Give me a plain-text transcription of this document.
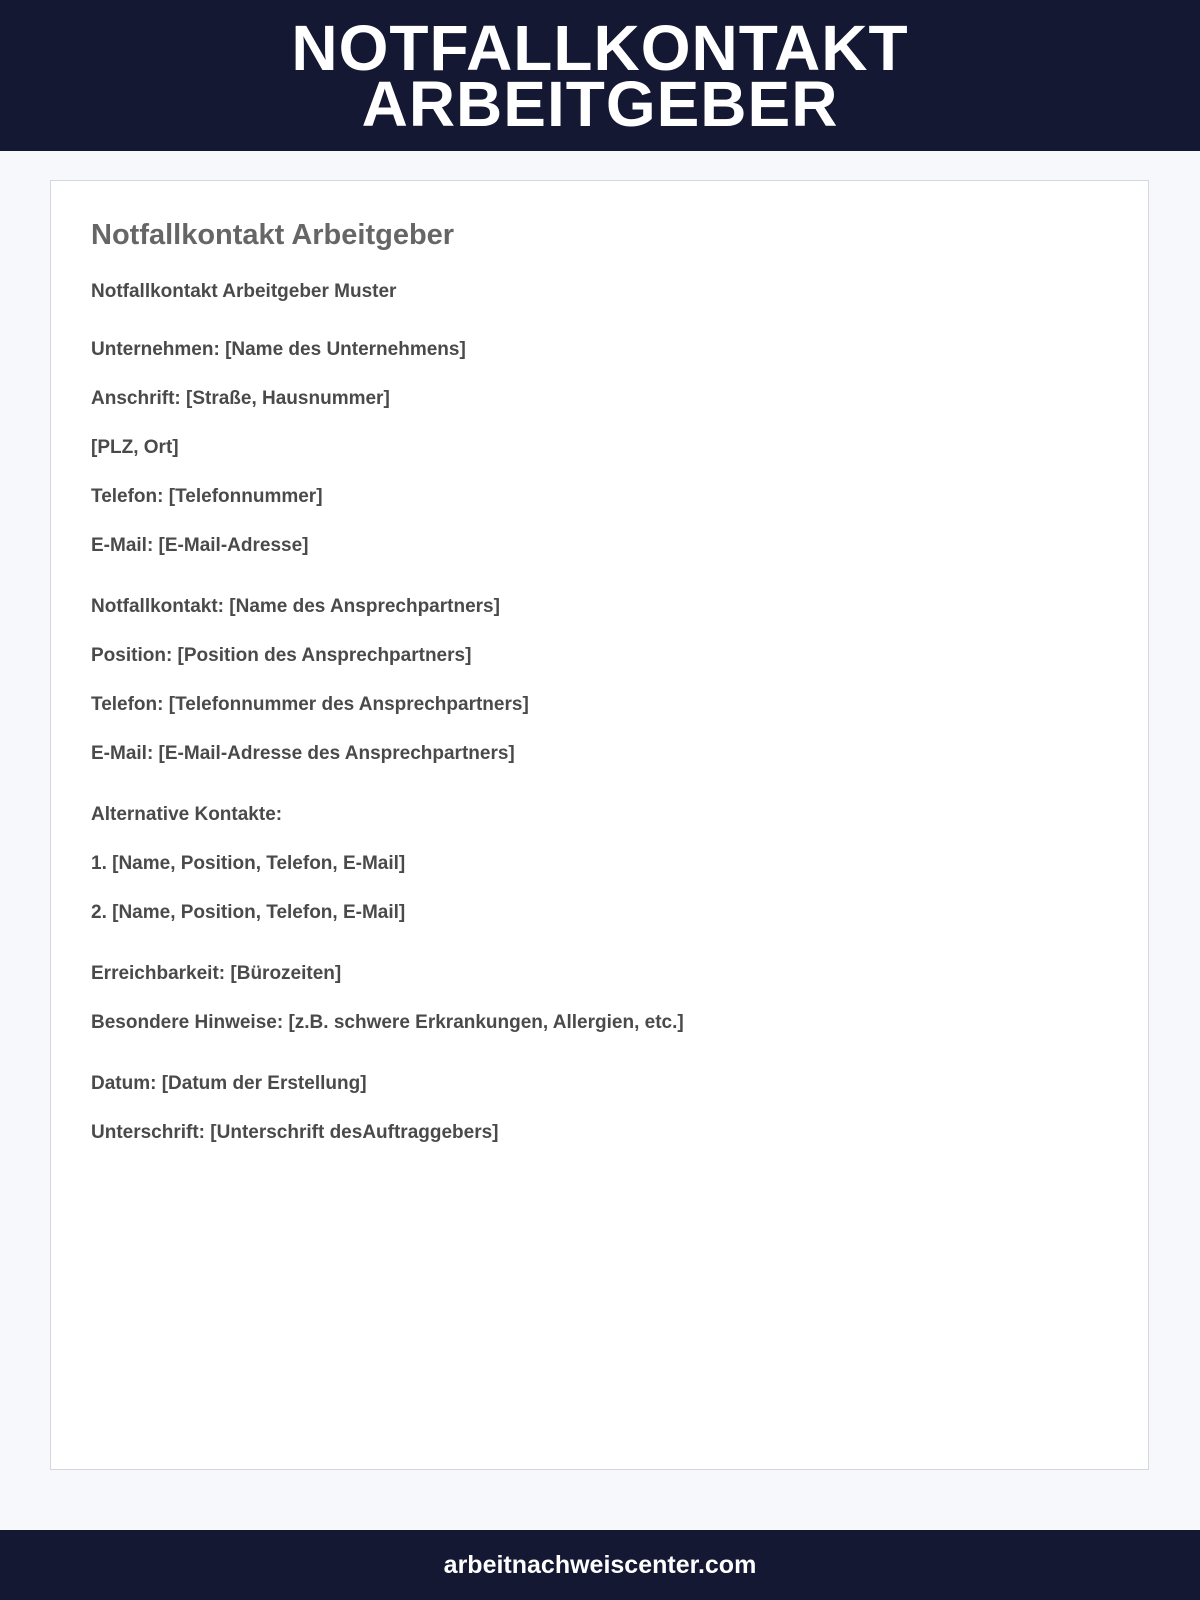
NOTFALLKONTAKT
ARBEITGEBER
Notfallkontakt Arbeitgeber
Notfallkontakt Arbeitgeber Muster

Unternehmen: [Name des Unternehmens]

Anschrift: [Straße, Hausnummer]

[PLZ, Ort]

Telefon: [Telefonnummer]

E-Mail: [E-Mail-Adresse]

Notfallkontakt: [Name des Ansprechpartners]

Position: [Position des Ansprechpartners]

Telefon: [Telefonnummer des Ansprechpartners]

E-Mail: [E-Mail-Adresse des Ansprechpartners]

Alternative Kontakte:

1. [Name, Position, Telefon, E-Mail]

2. [Name, Position, Telefon, E-Mail]

Erreichbarkeit: [Bürozeiten]

Besondere Hinweise: [z.B. schwere Erkrankungen, Allergien, etc.]

Datum: [Datum der Erstellung]

Unterschrift: [Unterschrift desAuftraggebers]

arbeitnachweiscenter.com
